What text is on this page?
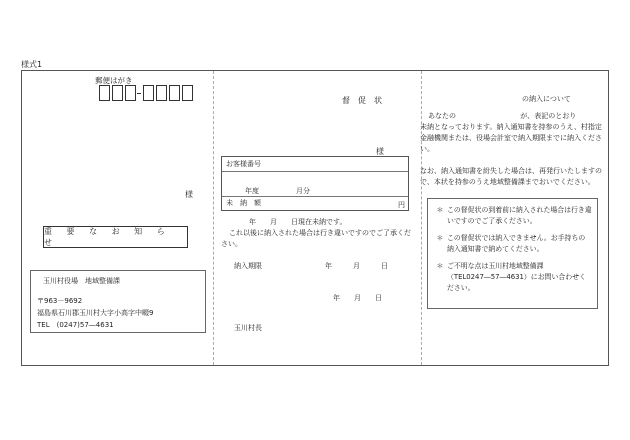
様式1
郵便はがき
様
重 要 な お 知 ら せ
玉川村役場　地域整備課
〒963－9692
福島県石川郡玉川村大字小高字中畷9
TEL　(0247)57―4631
督　促　状
様
お客様番号
年度	月分
未　納　額	円
年　　月　　日現在未納です。
これ以後に納入された場合は行き違いですのでご了承ください。
納入期限	年　　　月　　　日
年　　月　　日
玉川村長
の納入について
あなたの	が、表記のとおり
未納となっております。納入通知書を持参のうえ、村指定金融機関または、役場会計室で納入期限までに納入ください。
なお、納入通知書を紛失した場合は、再発行いたしますので、本状を持参のうえ地域整備課までおいでください。
＊ この督促状の到着前に納入された場合は行き違いですのでご了承ください。
＊ この督促状では納入できません。お手持ちの納入通知書で納めてください。
＊ ご不明な点は玉川村地域整備課（TEL0247―57―4631）にお問い合わせください。
